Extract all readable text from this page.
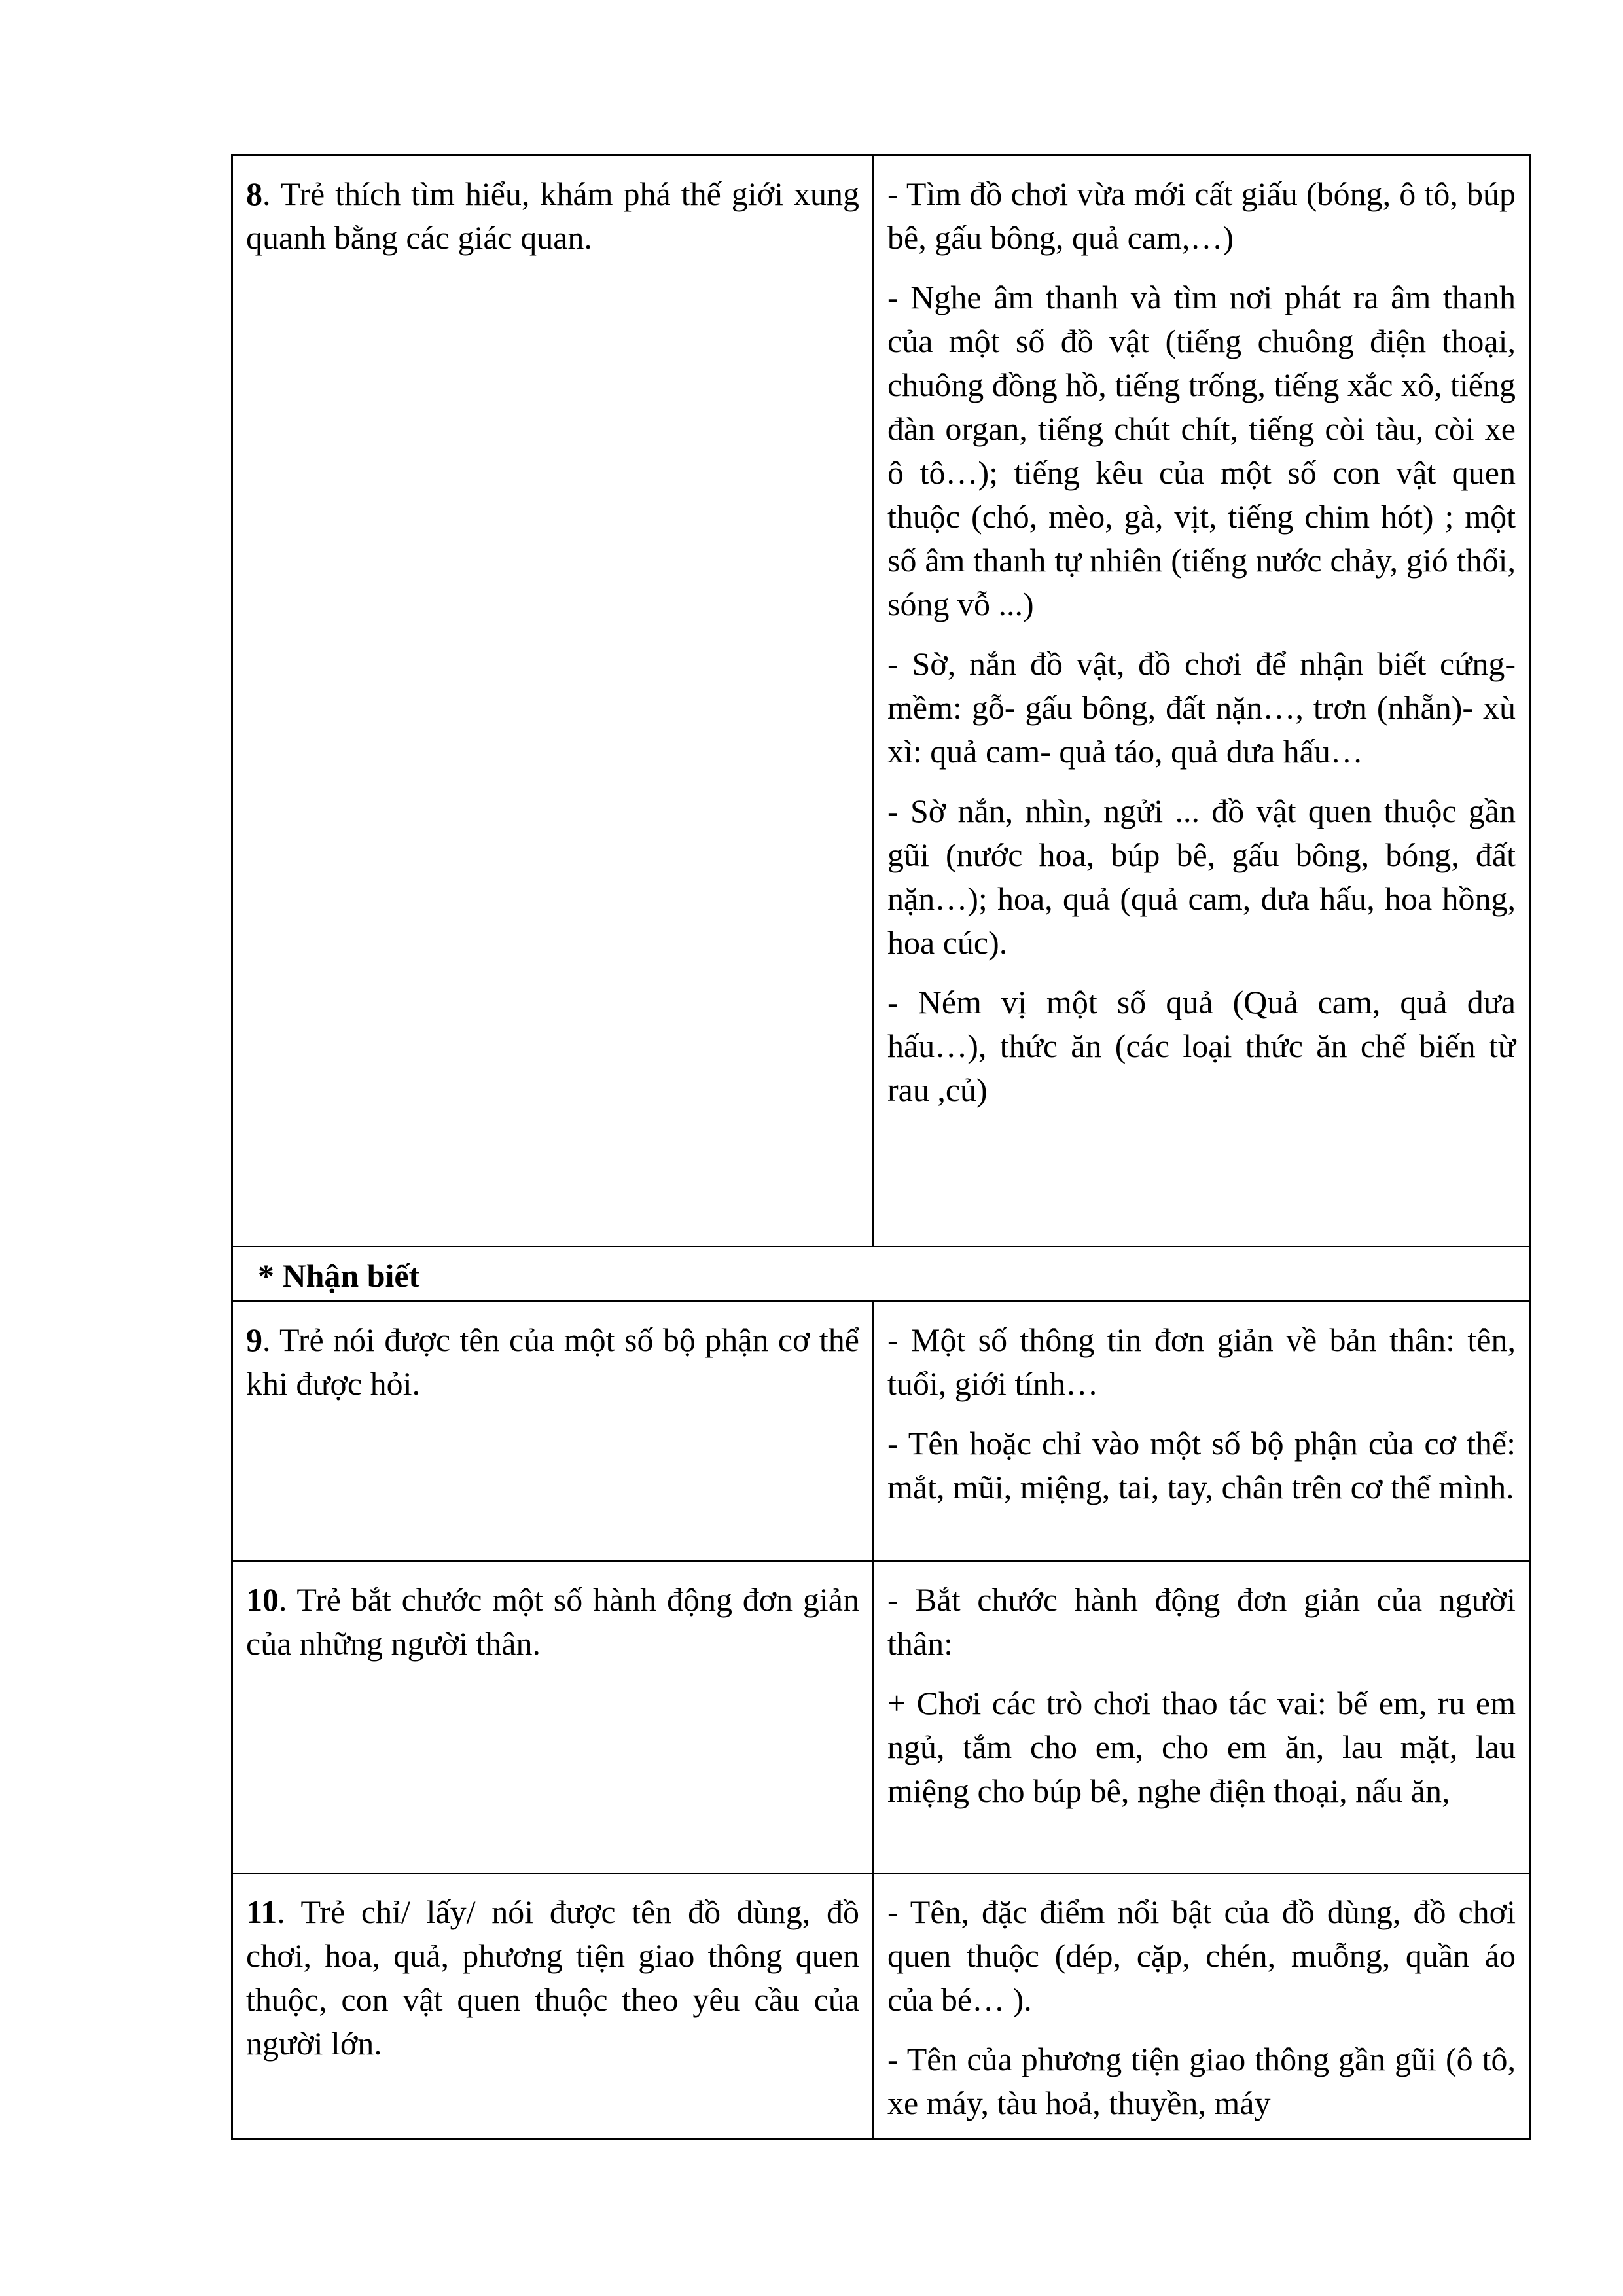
8. Trẻ thích tìm hiểu, khám phá thế giới xung quanh bằng các giác quan.	- Tìm đồ chơi vừa mới cất giấu (bóng, ô tô, búp bê, gấu bông, quả cam,…)

- Nghe âm thanh và tìm nơi phát ra âm thanh của một số đồ vật (tiếng chuông điện thoại, chuông đồng hồ, tiếng trống, tiếng xắc xô, tiếng đàn organ, tiếng chút chít, tiếng còi tàu, còi xe ô tô…); tiếng kêu của một số con vật quen thuộc (chó, mèo, gà, vịt, tiếng chim hót) ; một số âm thanh tự nhiên (tiếng nước chảy, gió thổi, sóng vỗ ...)

- Sờ, nắn đồ vật, đồ chơi để nhận biết cứng- mềm: gỗ- gấu bông, đất nặn…, trơn (nhẵn)- xù xì: quả cam- quả táo, quả dưa hấu…

- Sờ nắn, nhìn, ngửi ... đồ vật quen thuộc gần gũi (nước hoa, búp bê, gấu bông, bóng, đất nặn…); hoa, quả (quả cam, dưa hấu, hoa hồng, hoa cúc).

- Ném vị một số quả (Quả cam, quả dưa hấu…), thức ăn (các loại thức ăn chế biến từ rau ,củ)

* Nhận biết	
9. Trẻ nói được tên của một số bộ phận cơ thể khi được hỏi.	- Một số thông tin đơn giản về bản thân: tên, tuổi, giới tính…

- Tên hoặc chỉ vào một số bộ phận của cơ thể: mắt, mũi, miệng, tai, tay, chân trên cơ thể mình.

10. Trẻ bắt chước một số hành động đơn giản của những người thân.	- Bắt chước hành động đơn giản của người thân:

+ Chơi các trò chơi thao tác vai: bế em, ru em ngủ, tắm cho em, cho em ăn, lau mặt, lau miệng cho búp bê, nghe điện thoại, nấu ăn,

11. Trẻ chỉ/ lấy/ nói được tên đồ dùng, đồ chơi, hoa, quả, phương tiện giao thông quen thuộc, con vật quen thuộc theo yêu cầu của người lớn.	- Tên, đặc điểm nổi bật của đồ dùng, đồ chơi quen thuộc (dép, cặp, chén, muỗng, quần áo của bé… ).

- Tên của phương tiện giao thông gần gũi (ô tô, xe máy, tàu hoả, thuyền, máy
